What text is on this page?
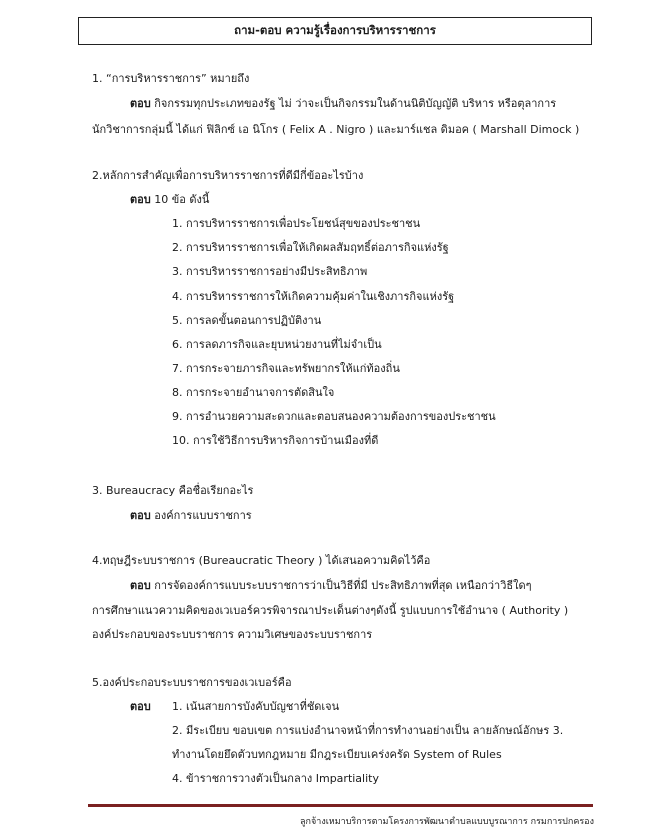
ถาม-ตอบ ความรู้เรื่องการบริหารราชการ
1. “การบริหารราชการ” หมายถึง
ตอบ กิจกรรมทุกประเภทของรัฐ ไม่ ว่าจะเป็นกิจกรรมในด้านนิติบัญญัติ บริหาร หรือตุลาการ
นักวิชาการกลุ่มนี้ ได้แก่ ฟิลิกซ์ เอ นิโกร ( Felix A . Nigro ) และมาร์แชล ดิมอค ( Marshall Dimock )
2.หลักการสำคัญเพื่อการบริหารราชการที่ดีมีกี่ข้ออะไรบ้าง
ตอบ 10 ข้อ ดังนี้
1. การบริหารราชการเพื่อประโยชน์สุขของประชาชน
2. การบริหารราชการเพื่อให้เกิดผลสัมฤทธิ์ต่อภารกิจแห่งรัฐ
3. การบริหารราชการอย่างมีประสิทธิภาพ
4. การบริหารราชการให้เกิดความคุ้มค่าในเชิงภารกิจแห่งรัฐ
5. การลดขั้นตอนการปฏิบัติงาน
6. การลดภารกิจและยุบหน่วยงานที่ไม่จำเป็น
7. การกระจายภารกิจและทรัพยากรให้แก่ท้องถิ่น
8. การกระจายอำนาจการตัดสินใจ
9. การอำนวยความสะดวกและตอบสนองความต้องการของประชาชน
10. การใช้วิธีการบริหารกิจการบ้านเมืองที่ดี
3. Bureaucracy คือชื่อเรียกอะไร
ตอบ องค์การแบบราชการ
4.ทฤษฎีระบบราชการ (Bureaucratic Theory ) ได้เสนอความคิดไว้คือ
ตอบ การจัดองค์การแบบระบบราชการว่าเป็นวิธีที่มี ประสิทธิภาพที่สุด เหนือกว่าวิธีใดๆ
การศึกษาแนวความคิดของเวเบอร์ควรพิจารณาประเด็นต่างๆดังนี้ รูปแบบการใช้อำนาจ ( Authority )
องค์ประกอบของระบบราชการ ความวิเศษของระบบราชการ
5.องค์ประกอบระบบราชการของเวเบอร์คือ
ตอบ 1. เน้นสายการบังคับบัญชาที่ชัดเจน
2. มีระเบียบ ขอบเขต การแบ่งอำนาจหน้าที่การทำงานอย่างเป็น ลายลักษณ์อักษร 3.
ทำงานโดยยึดตัวบทกฎหมาย มีกฎระเบียบเคร่งครัด System of Rules
4. ข้าราชการวางตัวเป็นกลาง Impartiality
ลูกจ้างเหมาบริการตามโครงการพัฒนาตำบลแบบบูรณาการ กรมการปกครอง
